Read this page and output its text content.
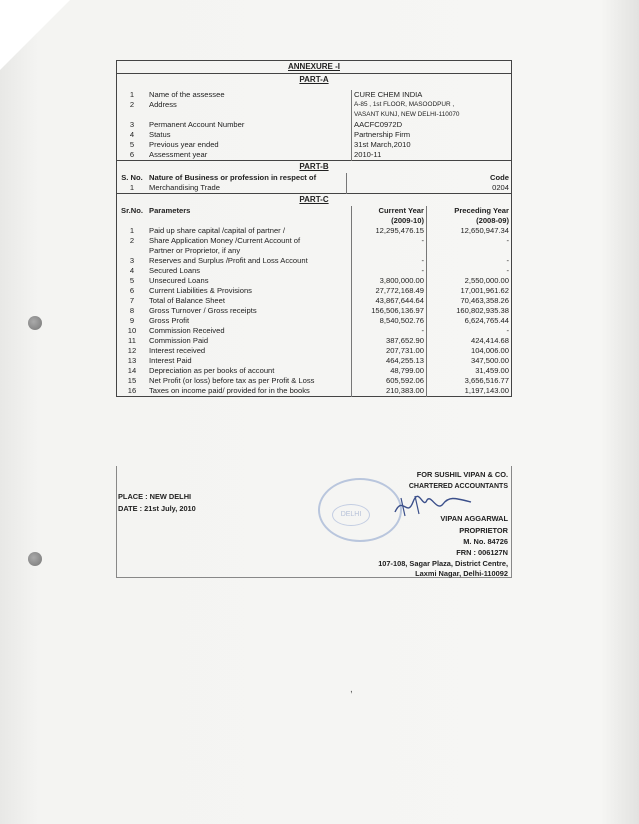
ANNEXURE -I		
PART-A		

1	Name of the assessee	CURE CHEM INDIA
2	Address	A-85 , 1st FLOOR, MASOODPUR ,
		VASANT KUNJ, NEW DELHI-110070
3	Permanent Account Number	AACFC0972D
4	Status	Partnership Firm
5	Previous year ended	31st March,2010
6	Assessment year	2010-11
PART-B		
S. No.	Nature of Business or profession in respect of	Code
1	Merchandising Trade	0204
PART-C			
Sr.No.	Parameters	Current Year	Preceding Year
		(2009-10)	(2008-09)
1	Paid up share capital /capital of partner /	12,295,476.15	12,650,947.34
2	Share Application Money /Current Account of	-	-
	Partner or Proprietor, if any		
3	Reserves and Surplus /Profit and Loss Account	-	-
4	Secured Loans	-	-
5	Unsecured Loans	3,800,000.00	2,550,000.00
6	Current Liabilities & Provisions	27,772,168.49	17,001,961.62
7	Total of Balance Sheet	43,867,644.64	70,463,358.26
8	Gross Turnover / Gross receipts	156,506,136.97	160,802,935.38
9	Gross Profit	8,540,502.76	6,624,765.44
10	Commission Received	-	-
11	Commission Paid	387,652.90	424,414.68
12	Interest received	207,731.00	104,006.00
13	Interest Paid	464,255.13	347,500.00
14	Depreciation as per books of account	48,799.00	31,459.00
15	Net Profit (or loss) before tax as per Profit & Loss	605,592.06	3,656,516.77
16	Taxes on income paid/ provided for in the books	210,383.00	1,197,143.00
DELHI
FOR SUSHIL VIPAN & CO.
CHARTERED ACCOUNTANTS
PLACE : NEW DELHI
DATE : 21st July, 2010
VIPAN AGGARWAL
PROPRIETOR
M. No. 84726
FRN : 006127N
107-108, Sagar Plaza, District Centre,
Laxmi Nagar, Delhi-110092
,
